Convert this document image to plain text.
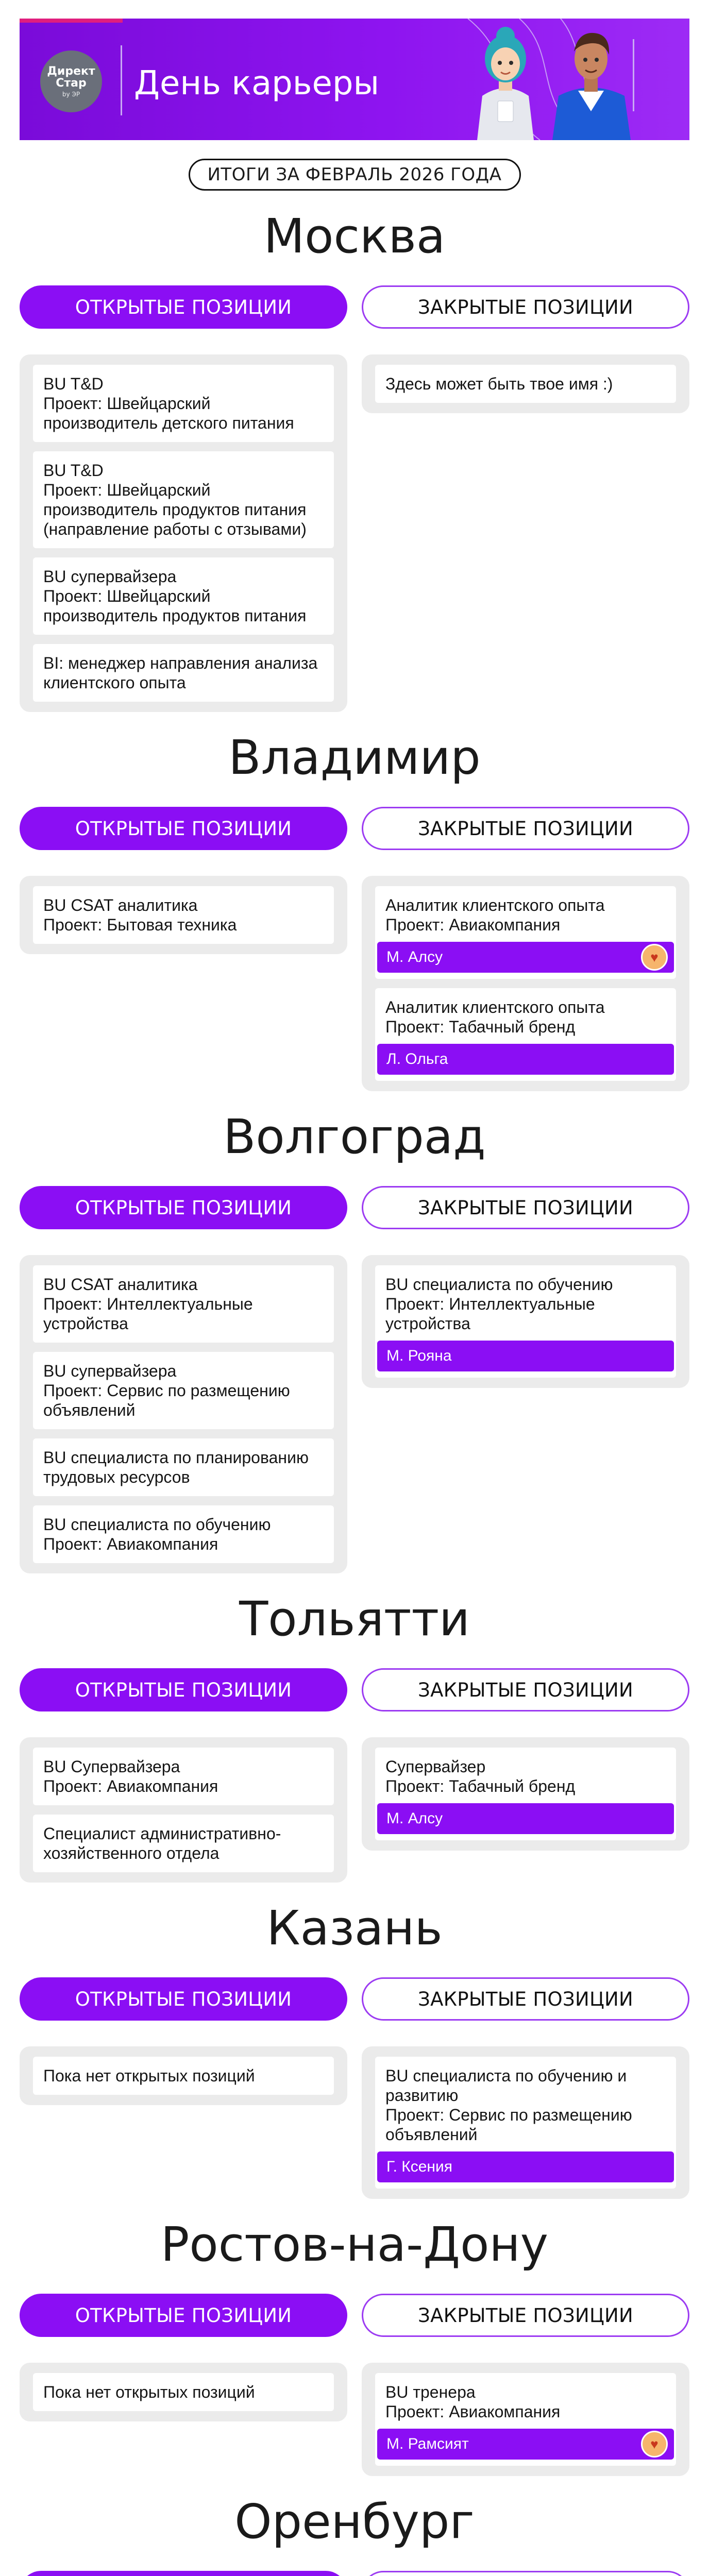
Директ
Стар
by ЭР День карьеры
ИТОГИ ЗА ФЕВРАЛЬ 2026 ГОДА
Москва
ОТКРЫТЫЕ ПОЗИЦИИ	ЗАКРЫТЫЕ ПОЗИЦИИ
BU T&D
Проект: Швейцарский производитель детского питания
BU T&D
Проект: Швейцарский производитель продуктов питания (направление работы с отзывами)
BU супервайзера
Проект: Швейцарский производитель продуктов питания
BI: менеджер направления анализа клиентского опыта
Здесь может быть твое имя :)
Владимир
ОТКРЫТЫЕ ПОЗИЦИИ	ЗАКРЫТЫЕ ПОЗИЦИИ
BU CSAT аналитика
Проект: Бытовая техника
Аналитик клиентского опыта
Проект: Авиакомпания
М. Алсу	♥
Аналитик клиентского опыта
Проект: Табачный бренд
Л. Ольга
Волгоград
ОТКРЫТЫЕ ПОЗИЦИИ	ЗАКРЫТЫЕ ПОЗИЦИИ
BU CSAT аналитика
Проект: Интеллектуальные устройства
BU супервайзера
Проект: Сервис по размещению объявлений
BU специалиста по планированию трудовых ресурсов
BU специалиста по обучению
Проект: Авиакомпания
BU специалиста по обучению
Проект: Интеллектуальные устройства
М. Рояна
Тольятти
ОТКРЫТЫЕ ПОЗИЦИИ	ЗАКРЫТЫЕ ПОЗИЦИИ
BU Супервайзера
Проект: Авиакомпания
Специалист административно-хозяйственного отдела
Супервайзер
Проект: Табачный бренд
М. Алсу
Казань
ОТКРЫТЫЕ ПОЗИЦИИ	ЗАКРЫТЫЕ ПОЗИЦИИ
Пока нет открытых позиций	BU специалиста по обучению и развитию
Проект: Сервис по размещению объявлений
Г. Ксения
Ростов-на-Дону
ОТКРЫТЫЕ ПОЗИЦИИ	ЗАКРЫТЫЕ ПОЗИЦИИ
Пока нет открытых позиций	BU тренера
Проект: Авиакомпания
М. Рамсият	♥
Оренбург
